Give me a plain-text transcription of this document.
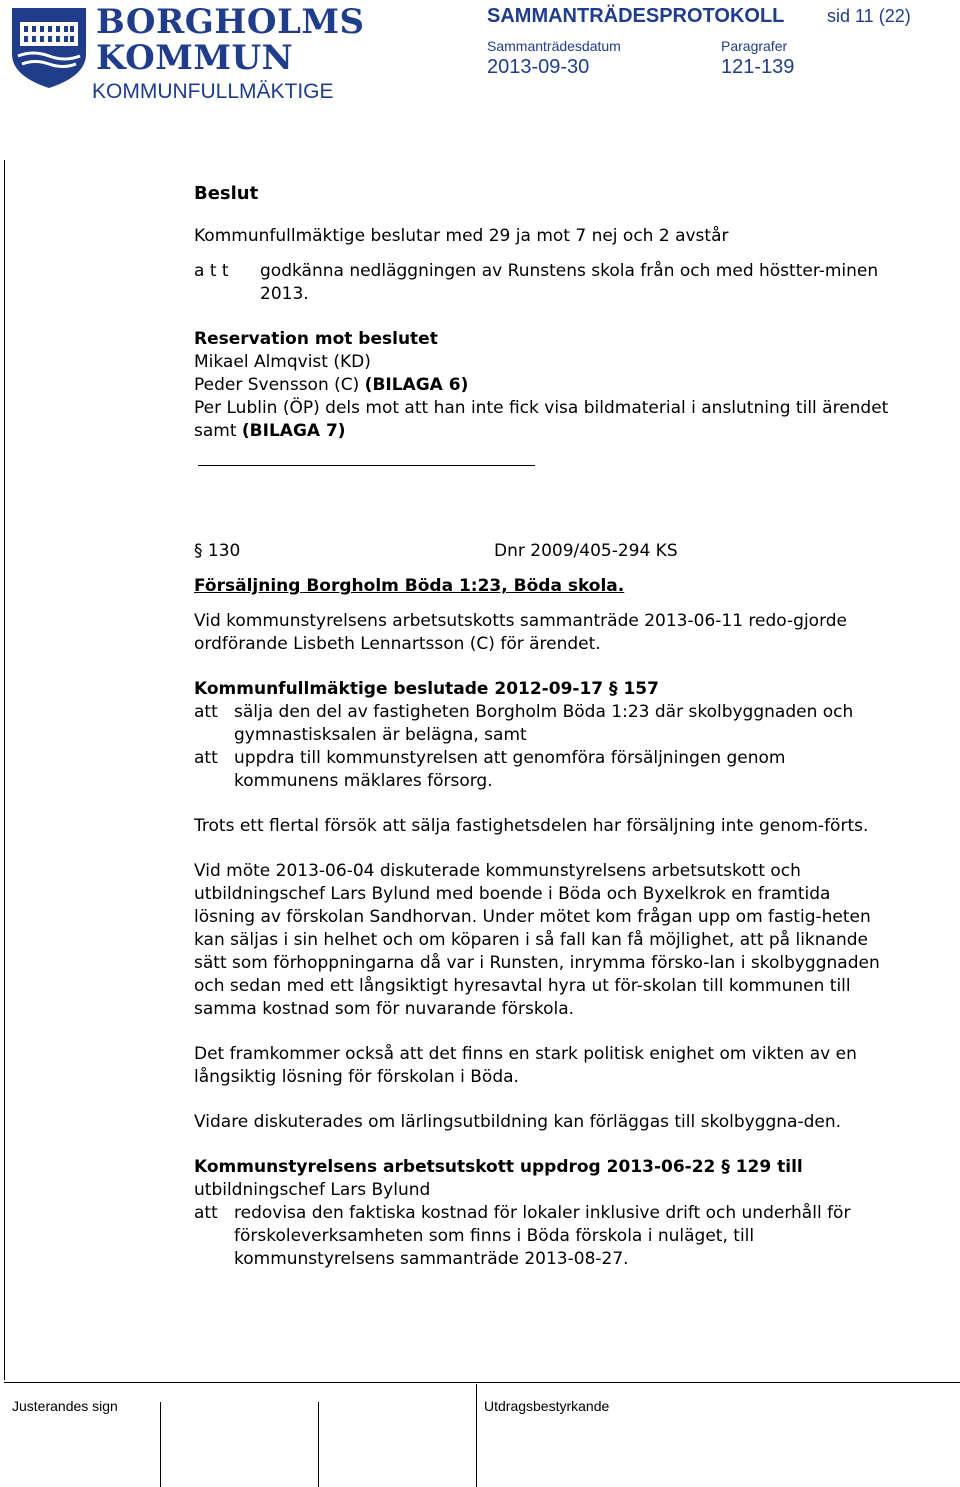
BORGHOLMS
KOMMUN
KOMMUNFULLMÄKTIGE
SAMMANTRÄDESPROTOKOLL sid 11 (22)
Sammanträdesdatum
2013-09-30
Paragrafer
121-139

Beslut

Kommunfullmäktige beslutar med 29 ja mot 7 nej och 2 avstår

a t t	godkänna nedläggningen av Runstens skola från och med höstter-minen 2013.

Reservation mot beslutet

Mikael Almqvist (KD)

Peder Svensson (C) (BILAGA 6)

Per Lublin (ÖP) dels mot att han inte fick visa bildmaterial i anslutning till ärendet samt (BILAGA 7)

§ 130	Dnr 2009/405-294 KS

Försäljning Borgholm Böda 1:23, Böda skola.

Vid kommunstyrelsens arbetsutskotts sammanträde 2013-06-11 redo-gjorde ordförande Lisbeth Lennartsson (C) för ärendet.

Kommunfullmäktige beslutade 2012-09-17 § 157

att sälja den del av fastigheten Borgholm Böda 1:23 där skolbyggnaden och gymnastisksalen är belägna, samt
att uppdra till kommunstyrelsen att genomföra försäljningen genom kommunens mäklares försorg.

Trots ett flertal försök att sälja fastighetsdelen har försäljning inte genom-förts.

Vid möte 2013-06-04 diskuterade kommunstyrelsens arbetsutskott och utbildningschef Lars Bylund med boende i Böda och Byxelkrok en framtida lösning av förskolan Sandhorvan. Under mötet kom frågan upp om fastig-heten kan säljas i sin helhet och om köparen i så fall kan få möjlighet, att på liknande sätt som förhoppningarna då var i Runsten, inrymma försko-lan i skolbyggnaden och sedan med ett långsiktigt hyresavtal hyra ut för-skolan till kommunen till samma kostnad som för nuvarande förskola.

Det framkommer också att det finns en stark politisk enighet om vikten av en långsiktig lösning för förskolan i Böda.

Vidare diskuterades om lärlingsutbildning kan förläggas till skolbyggna-den.

Kommunstyrelsens arbetsutskott uppdrog 2013-06-22 § 129 till

utbildningschef Lars Bylund

att redovisa den faktiska kostnad för lokaler inklusive drift och underhåll för förskoleverksamheten som finns i Böda förskola i nuläget, till kommunstyrelsens sammanträde 2013-08-27.
Justerandes sign	Utdragsbestyrkande
